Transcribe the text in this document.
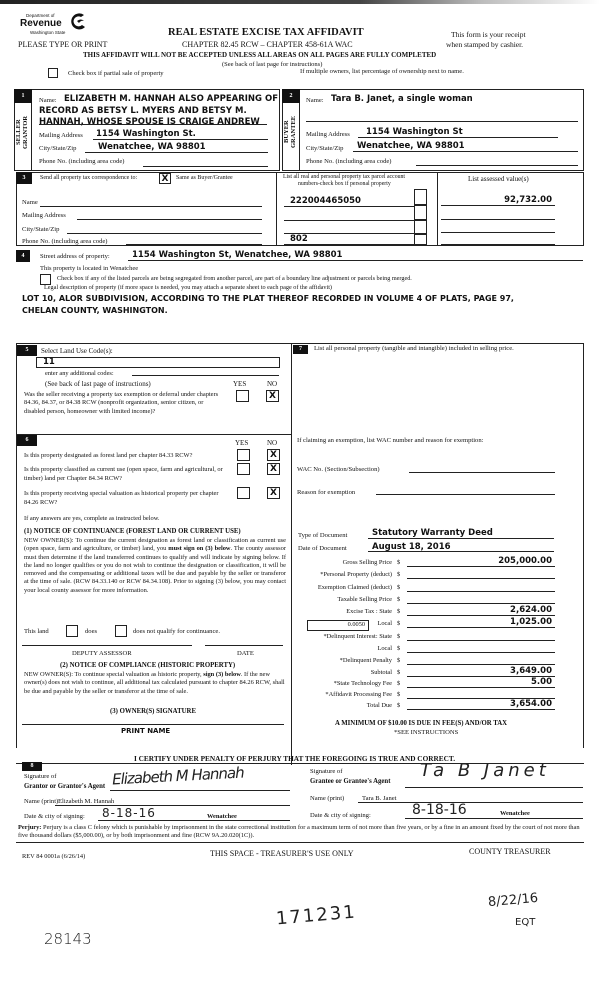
Department of
Revenue
Washington State
PLEASE TYPE OR PRINT
REAL ESTATE EXCISE TAX AFFIDAVIT
CHAPTER 82.45 RCW – CHAPTER 458-61A WAC
This form is your receipt
when stamped by cashier.
THIS AFFIDAVIT WILL NOT BE ACCEPTED UNLESS ALL AREAS ON ALL PAGES ARE FULLY COMPLETED
(See back of last page for instructions)
Check box if partial sale of property	If multiple owners, list percentage of ownership next to name.
1
SELLER GRANTOR
Name: ELIZABETH M. HANNAH ALSO APPEARING OF
RECORD AS BETSY L. MYERS AND BETSY M.
HANNAH, WHOSE SPOUSE IS CRAIGE ANDREW
Mailing Address 1154 Washington St.
City/State/Zip	Wenatchee, WA 98801
Phone No. (including area code)
2
BUYER GRANTEE
Name: Tara B. Janet, a single woman
Mailing Address 1154 Washington St
City/State/Zip Wenatchee, WA 98801
Phone No. (including area code)
3	Send all property tax correspondence to:	X	Same as Buyer/Grantee
Name
Mailing Address
City/State/Zip
Phone No. (including area code)
List all real and personal property tax parcel account
numbers-check box if personal property
List assessed value(s)
222004465050
802
92,732.00
4	Street address of property:	1154 Washington St, Wenatchee, WA 98801
This property is located in Wenatchee
Check box if any of the listed parcels are being segregated from another parcel, are part of a boundary line adjustment or parcels being merged.
Legal description of property (if more space is needed, you may attach a separate sheet to each page of the affidavit)
LOT 10, ALOR SUBDIVISION, ACCORDING TO THE PLAT THEREOF RECORDED IN VOLUME 4 OF PLATS, PAGE 97,
CHELAN COUNTY, WASHINGTON.
5	Select Land Use Code(s):
11
enter any additional codes:
(See back of last page of instructions)	YES	NO
Was the seller receiving a property tax exemption or deferral under chapters 84.36, 84.37, or 84.38 RCW (nonprofit organization, senior citizen, or disabled person, homeowner with limited income)?
X
6	YES	NO
Is this property designated as forest land per chapter 84.33 RCW?	X
Is this property classified as current use (open space, farm and agricultural, or timber) land per Chapter 84.34 RCW?
X
Is this property receiving special valuation as historical property per chapter 84.26 RCW?
X
If any answers are yes, complete as instructed below.
(1) NOTICE OF CONTINUANCE (FOREST LAND OR CURRENT USE)
NEW OWNER(S): To continue the current designation as forest land or classification as current use (open space, farm and agriculture, or timber) land, you must sign on (3) below. The county assessor must then determine if the land transferred continues to qualify and will indicate by signing below. If the land no longer qualifies or you do not wish to continue the designation or classification, it will be removed and the compensating or additional taxes will be due and payable by the seller or transferor at the time of sale. (RCW 84.33.140 or RCW 84.34.108). Prior to signing (3) below, you may contact your local county assessor for more information.
This land	does	does not qualify for continuance.
DEPUTY ASSESSOR	DATE
(2) NOTICE OF COMPLIANCE (HISTORIC PROPERTY)
NEW OWNER(S): To continue special valuation as historic property, sign (3) below. If the new owner(s) does not wish to continue, all additional tax calculated pursuant to chapter 84.26 RCW, shall be due and payable by the seller or transferor at the time of sale.
(3) OWNER(S) SIGNATURE
PRINT NAME
7	List all personal property (tangible and intangible) included in selling price.
If claiming an exemption, list WAC number and reason for exemption:
WAC No. (Section/Subsection)
Reason for exemption
Type of Document	Statutory Warranty Deed
Date of Document	August 18, 2016
Gross Selling Price $	205,000.00
*Personal Property (deduct) $
Exemption Claimed (deduct) $
Taxable Selling Price $
Excise Tax : State $	2,624.00
Local $	1,025.00
*Delinquent Interest: State $
Local $
*Delinquent Penalty $
Subtotal $	3,649.00
*State Technology Fee $	5.00
*Affidavit Processing Fee $
Total Due $	3,654.00
0.0050
A MINIMUM OF $10.00 IS DUE IN FEE(S) AND/OR TAX
*SEE INSTRUCTIONS
8
I CERTIFY UNDER PENALTY OF PERJURY THAT THE FOREGOING IS TRUE AND CORRECT.
Signature of
Grantor or Grantor's Agent Elizabeth M Hannah
Name (print) Elizabeth M. Hannah
Date & city of signing: 8-18-16	Wenatchee
Signature of
Grantee or Grantee's Agent
Ta B Janet
Name (print)	Tara B. Janet
Date & city of signing:	8-18-16	Wenatchee
Perjury: Perjury is a class C felony which is punishable by imprisonment in the state correctional institution for a maximum term of not more than five years, or by a fine in an amount fixed by the court of not more than five thousand dollars ($5,000.00), or by both imprisonment and fine (RCW 9A.20.020(1C)).
REV 84 0001a (6/26/14)	THIS SPACE - TREASURER'S USE ONLY	COUNTY TREASURER
28143
171231
8/22/16
EQT
